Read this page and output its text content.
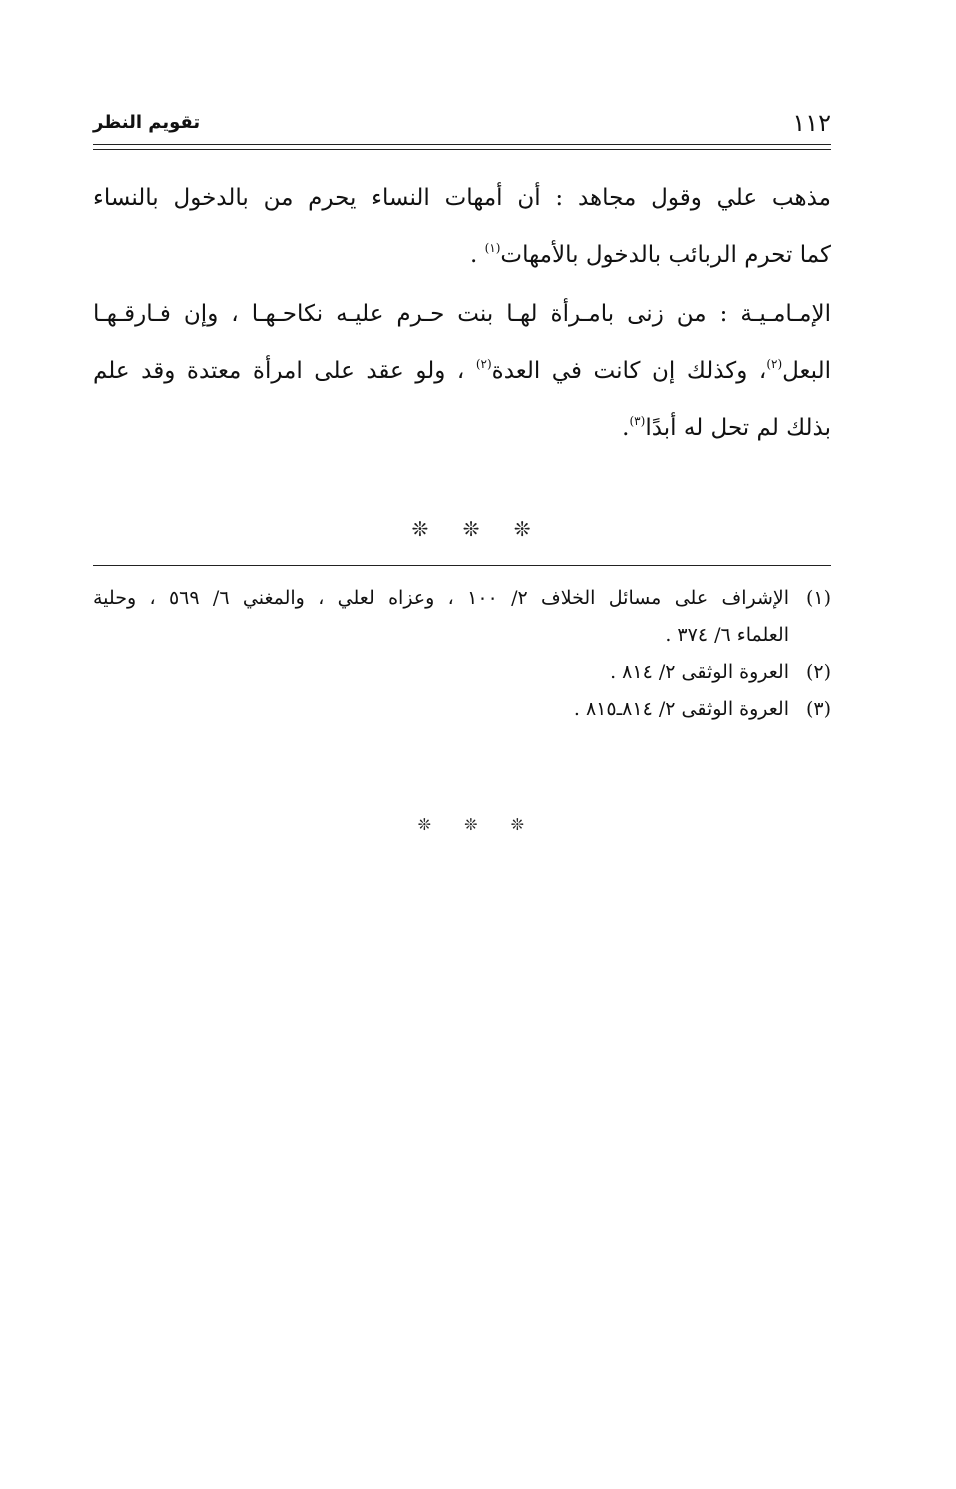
١١٢
تقويم النظر
مذهب علي وقول مجاهد : أن أمهات النساء يحرم من بالدخول بالنساء
كما تحرم الربائب بالدخول بالأمهات$^{(١)}$ .
الإمـامـيـة : من زنى بامـرأة لهـا بنت حـرم عليـه نكاحـهـا ، وإن فـارقـهـا
البعل$^{(٢)}$، وكذلك إن كانت في العدة$^{(٢)}$ ، ولو عقد على امرأة معتدة وقد علم
بذلك لم تحل له أبدًا$^{(٣)}$.
❊ ❊ ❊
(١)الإشراف على مسائل الخلاف ٢/ ١٠٠ ، وعزاه لعلي ، والمغني ٦/ ٥٦٩ ، وحلية
العلماء ٦/ ٣٧٤ .
(٢)العروة الوثقى ٢/ ٨١٤ .
(٣)العروة الوثقى ٢/ ٨١٤ـ٨١٥ .
❊ ❊ ❊
